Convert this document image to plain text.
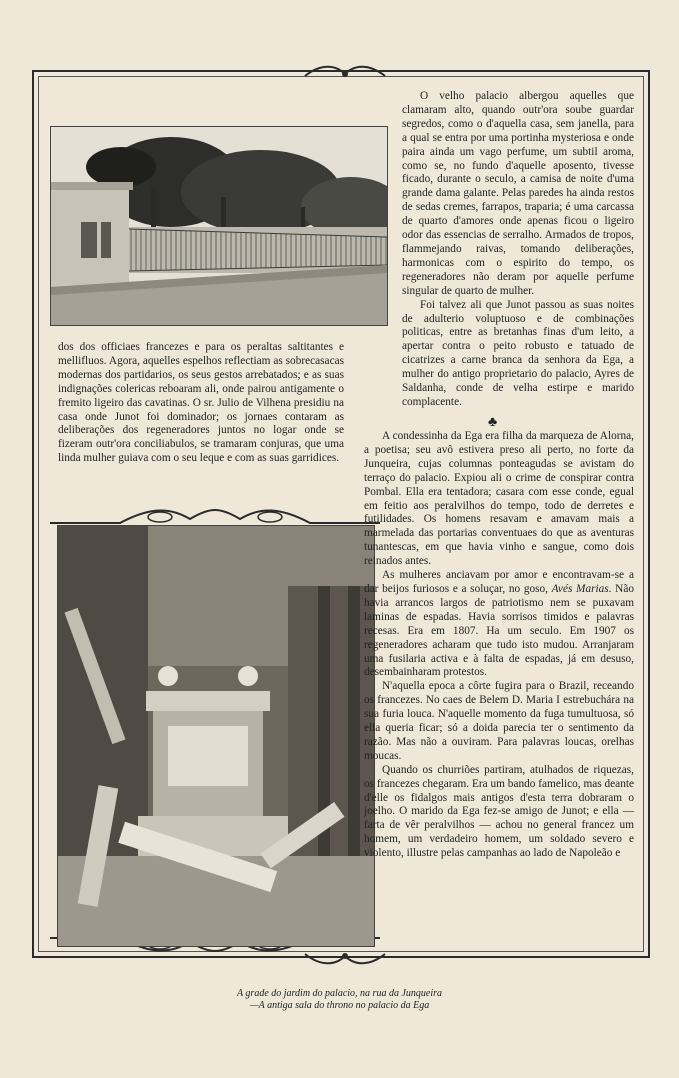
O velho palacio albergou aquelles que clamaram alto, quando outr'ora soube guardar segredos, como o d'aquella casa, sem janella, para a qual se entra por uma portinha mysteriosa e onde paira ainda um vago perfume, um subtil aroma, como se, no fundo d'aquelle aposento, tivesse ficado, durante o seculo, a camisa de noite d'uma grande dama galante. Pelas paredes ha ainda restos de sedas cremes, farrapos, traparia; é uma carcassa de quarto d'amores onde apenas ficou o ligeiro odor das essencias de serralho. Armados de tropos, flammejando raivas, tomando deliberações, harmonicas com o espirito do tempo, os regeneradores não deram por aquelle perfume singular de quarto de mulher.

Foi talvez ali que Junot passou as suas noites de adulterio voluptuoso e de combinações politicas, entre as bretanhas finas d'um leito, a apertar contra o peito robusto e tatuado de cicatrizes a carne branca da senhora da Ega, a mulher do antigo proprietario do palacio, Ayres de Saldanha, conde de velha estirpe e marido complacente.

dos dos officiaes francezes e para os peraltas saltitantes e mellifluos. Agora, aquelles espelhos reflectiam as sobrecasacas modernas dos partidarios, os seus gestos arrebatados; e as suas indignações colericas reboaram ali, onde pairou antigamente o fremito ligeiro das cavatinas. O sr. Julio de Vilhena presidiu na casa onde Junot foi dominador; os jornaes contaram as deliberações dos regeneradores juntos no logar onde se fizeram outr'ora conciliabulos, se tramaram conjuras, que uma linda mulher guiava com o seu leque e com as suas garridices.

♣

A condessinha da Ega era filha da marqueza de Alorna, a poetisa; seu avô estivera preso ali perto, no forte da Junqueira, cujas columnas ponteagudas se avistam do terraço do palacio. Expiou ali o crime de conspirar contra Pombal. Ella era tentadora; casara com esse conde, egual em feitio aos peralvilhos do tempo, todo de derretes e futilidades. Os homens resavam e amavam mais a marmelada das portarias conventuaes do que as aventuras tunantescas, em que havia vinho e sangue, como dois reinados antes.

As mulheres anciavam por amor e encontravam-se a dar beijos furiosos e a soluçar, no goso, Avés Marias. Não havia arrancos largos de patriotismo nem se puxavam laminas de espadas. Havia sorrisos timidos e palavras recesas. Era em 1807. Ha um seculo. Em 1907 os regeneradores acharam que tudo isto mudou. Arranjaram uma fusilaria activa e à falta de espadas, já em desuso, desembainharam protestos.

N'aquella epoca a côrte fugira para o Brazil, receando os francezes. No caes de Belem D. Maria I estrebuchára na sua furia louca. N'aquelle momento da fuga tumultuosa, só ella queria ficar; só a doida parecia ter o sentimento da razão. Mas não a ouviram. Para palavras loucas, orelhas moucas.

Quando os churriões partiram, atulhados de riquezas, os francezes chegaram. Era um bando famelico, mas deante d'elle os fidalgos mais antigos d'esta terra dobraram o joelho. O marido da Ega fez-se amigo de Junot; e ella — farta de vêr peralvilhos — achou no general francez um homem, um verdadeiro homem, um soldado severo e violento, illustre pelas campanhas ao lado de Napoleão e

A grade do jardim do palacio, na rua da Junqueira
—A antiga sala do throno no palacio da Ega
